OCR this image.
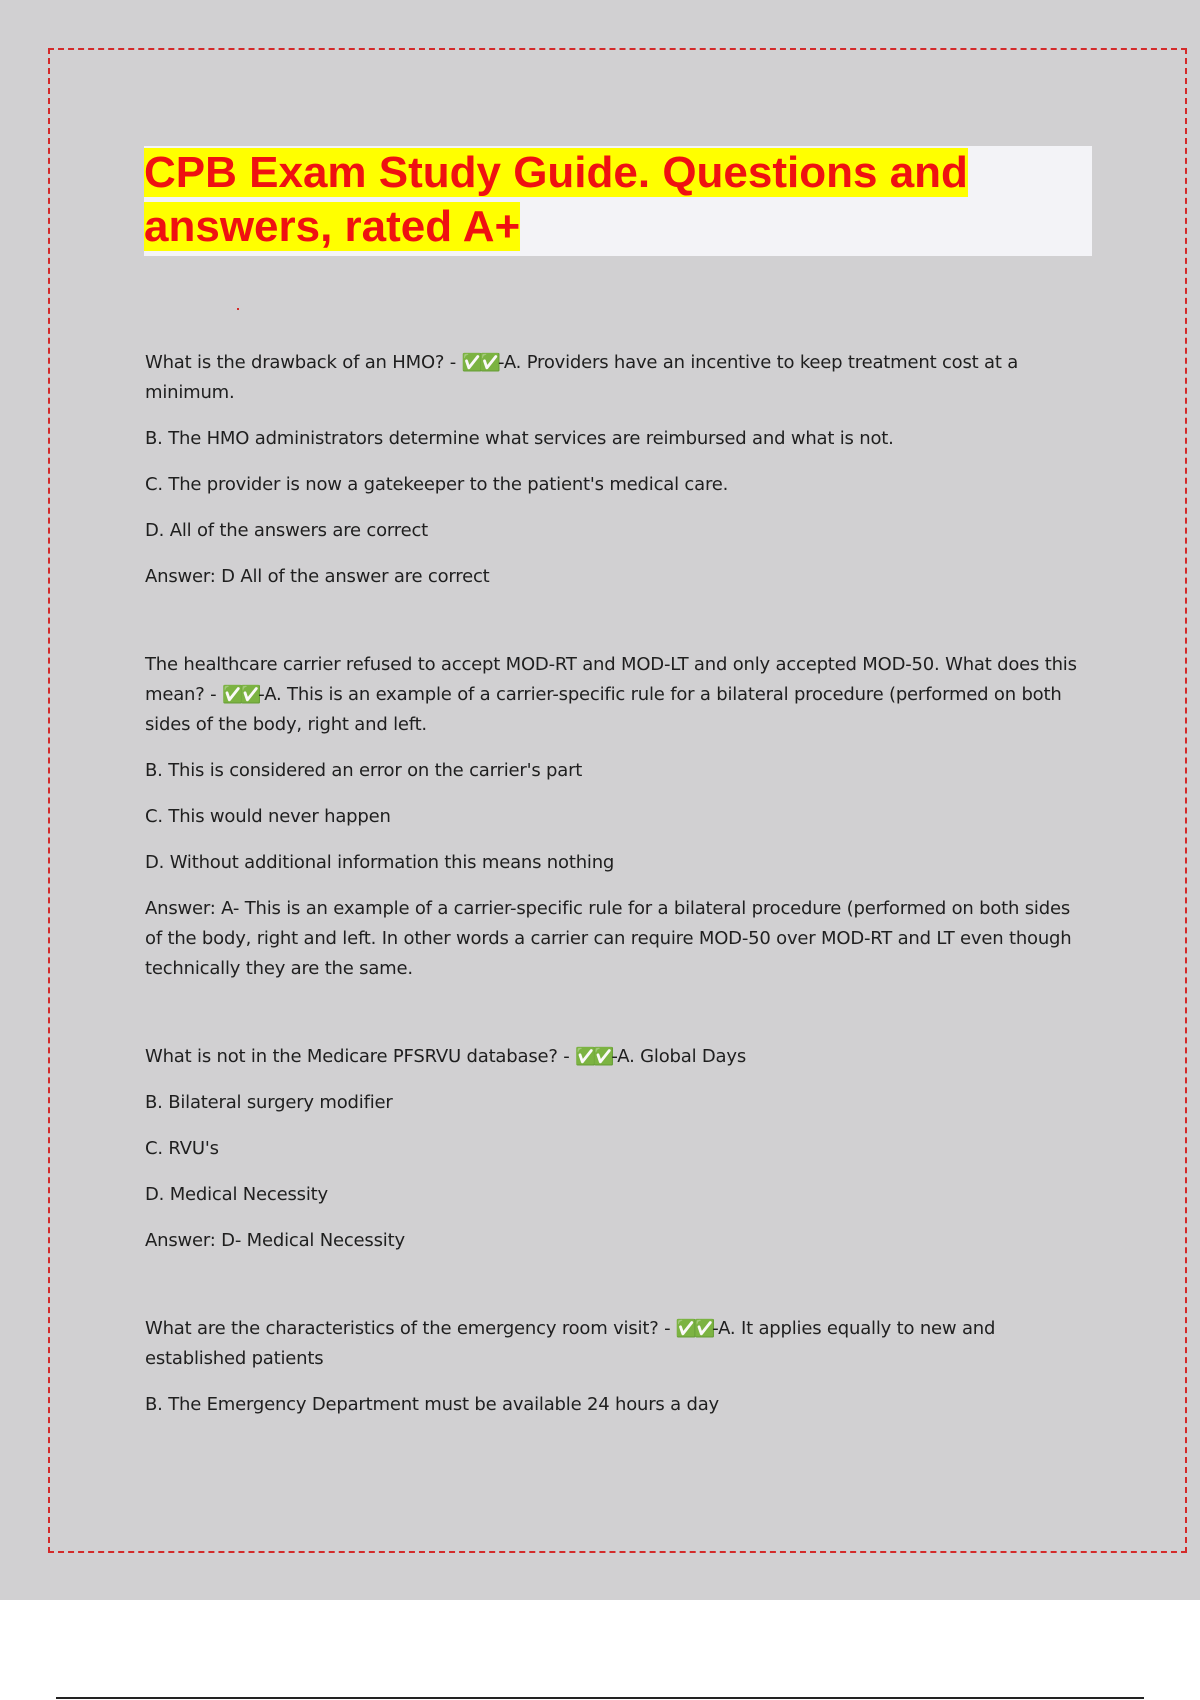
CPB Exam Study Guide. Questions and
answers, rated A+

What is the drawback of an HMO? - ✅✅-A. Providers have an incentive to keep treatment cost at a minimum.

B. The HMO administrators determine what services are reimbursed and what is not.

C. The provider is now a gatekeeper to the patient's medical care.

D. All of the answers are correct

Answer: D All of the answer are correct

The healthcare carrier refused to accept MOD-RT and MOD-LT and only accepted MOD-50. What does this mean? - ✅✅-A. This is an example of a carrier-specific rule for a bilateral procedure (performed on both sides of the body, right and left.

B. This is considered an error on the carrier's part

C. This would never happen

D. Without additional information this means nothing

Answer: A- This is an example of a carrier-specific rule for a bilateral procedure (performed on both sides of the body, right and left. In other words a carrier can require MOD-50 over MOD-RT and LT even though technically they are the same.

What is not in the Medicare PFSRVU database? - ✅✅-A. Global Days

B. Bilateral surgery modifier

C. RVU's

D. Medical Necessity

Answer: D- Medical Necessity

What are the characteristics of the emergency room visit? - ✅✅-A. It applies equally to new and established patients

B. The Emergency Department must be available 24 hours a day
